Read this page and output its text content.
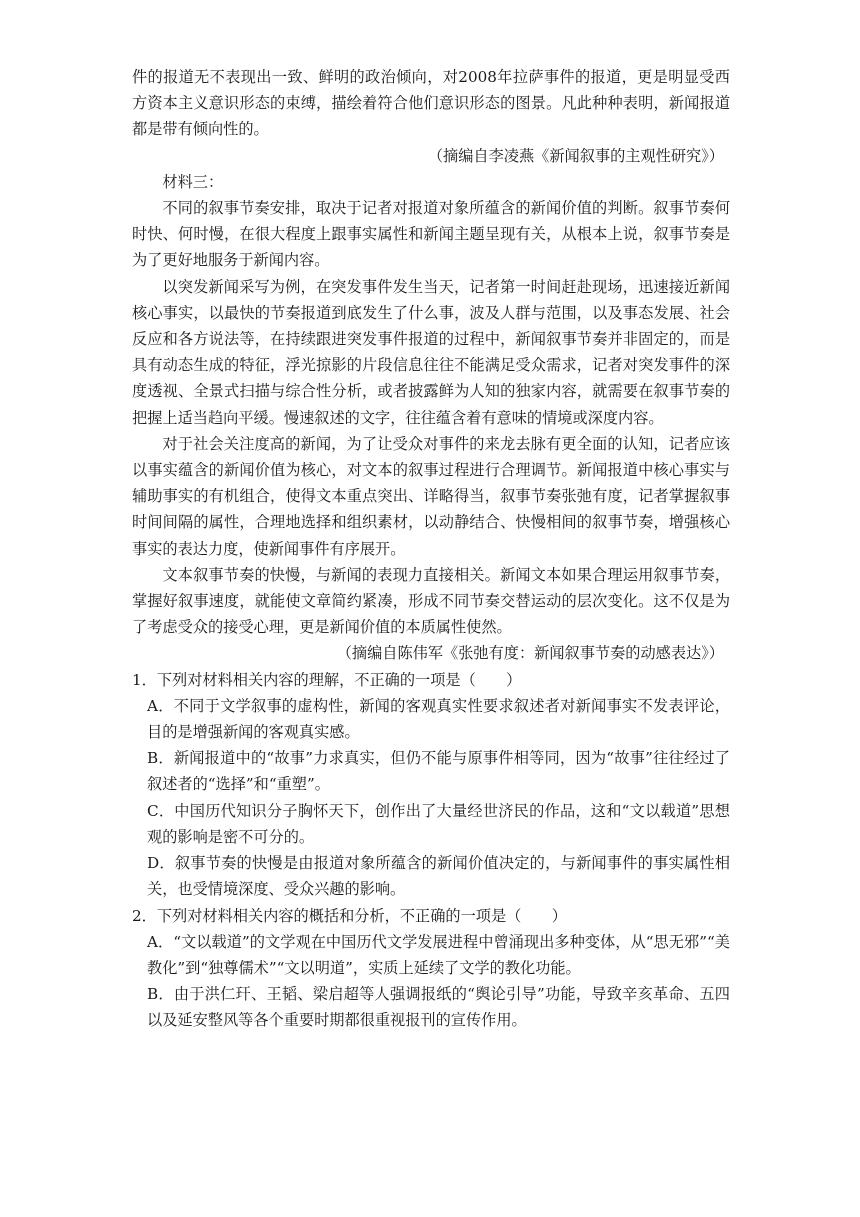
件的报道无不表现出一致、鲜明的政治倾向，对2008年拉萨事件的报道，更是明显受西方资本主义意识形态的束缚，描绘着符合他们意识形态的图景。凡此种种表明，新闻报道都是带有倾向性的。

（摘编自李凌燕《新闻叙事的主观性研究》）

材料三：

不同的叙事节奏安排，取决于记者对报道对象所蕴含的新闻价值的判断。叙事节奏何时快、何时慢，在很大程度上跟事实属性和新闻主题呈现有关，从根本上说，叙事节奏是为了更好地服务于新闻内容。

以突发新闻采写为例，在突发事件发生当天，记者第一时间赶赴现场，迅速接近新闻核心事实，以最快的节奏报道到底发生了什么事，波及人群与范围，以及事态发展、社会反应和各方说法等，在持续跟进突发事件报道的过程中，新闻叙事节奏并非固定的，而是具有动态生成的特征，浮光掠影的片段信息往往不能满足受众需求，记者对突发事件的深度透视、全景式扫描与综合性分析，或者披露鲜为人知的独家内容，就需要在叙事节奏的把握上适当趋向平缓。慢速叙述的文字，往往蕴含着有意味的情境或深度内容。

对于社会关注度高的新闻，为了让受众对事件的来龙去脉有更全面的认知，记者应该以事实蕴含的新闻价值为核心，对文本的叙事过程进行合理调节。新闻报道中核心事实与辅助事实的有机组合，使得文本重点突出、详略得当，叙事节奏张弛有度，记者掌握叙事时间间隔的属性，合理地选择和组织素材，以动静结合、快慢相间的叙事节奏，增强核心事实的表达力度，使新闻事件有序展开。

文本叙事节奏的快慢，与新闻的表现力直接相关。新闻文本如果合理运用叙事节奏，掌握好叙事速度，就能使文章简约紧凑，形成不同节奏交替运动的层次变化。这不仅是为了考虑受众的接受心理，更是新闻价值的本质属性使然。

（摘编自陈伟军《张弛有度：新闻叙事节奏的动感表达》）

1．下列对材料相关内容的理解，不正确的一项是（　　）

A．不同于文学叙事的虚构性，新闻的客观真实性要求叙述者对新闻事实不发表评论，目的是增强新闻的客观真实感。

B．新闻报道中的“故事”力求真实，但仍不能与原事件相等同，因为“故事”往往经过了叙述者的“选择”和“重塑”。

C．中国历代知识分子胸怀天下，创作出了大量经世济民的作品，这和“文以载道”思想观的影响是密不可分的。

D．叙事节奏的快慢是由报道对象所蕴含的新闻价值决定的，与新闻事件的事实属性相关，也受情境深度、受众兴趣的影响。

2．下列对材料相关内容的概括和分析，不正确的一项是（　　）

A．“文以载道”的文学观在中国历代文学发展进程中曾涌现出多种变体，从“思无邪”“美教化”到“独尊儒术”“文以明道”，实质上延续了文学的教化功能。

B．由于洪仁玕、王韬、梁启超等人强调报纸的“舆论引导”功能，导致辛亥革命、五四以及延安整风等各个重要时期都很重视报刊的宣传作用。
